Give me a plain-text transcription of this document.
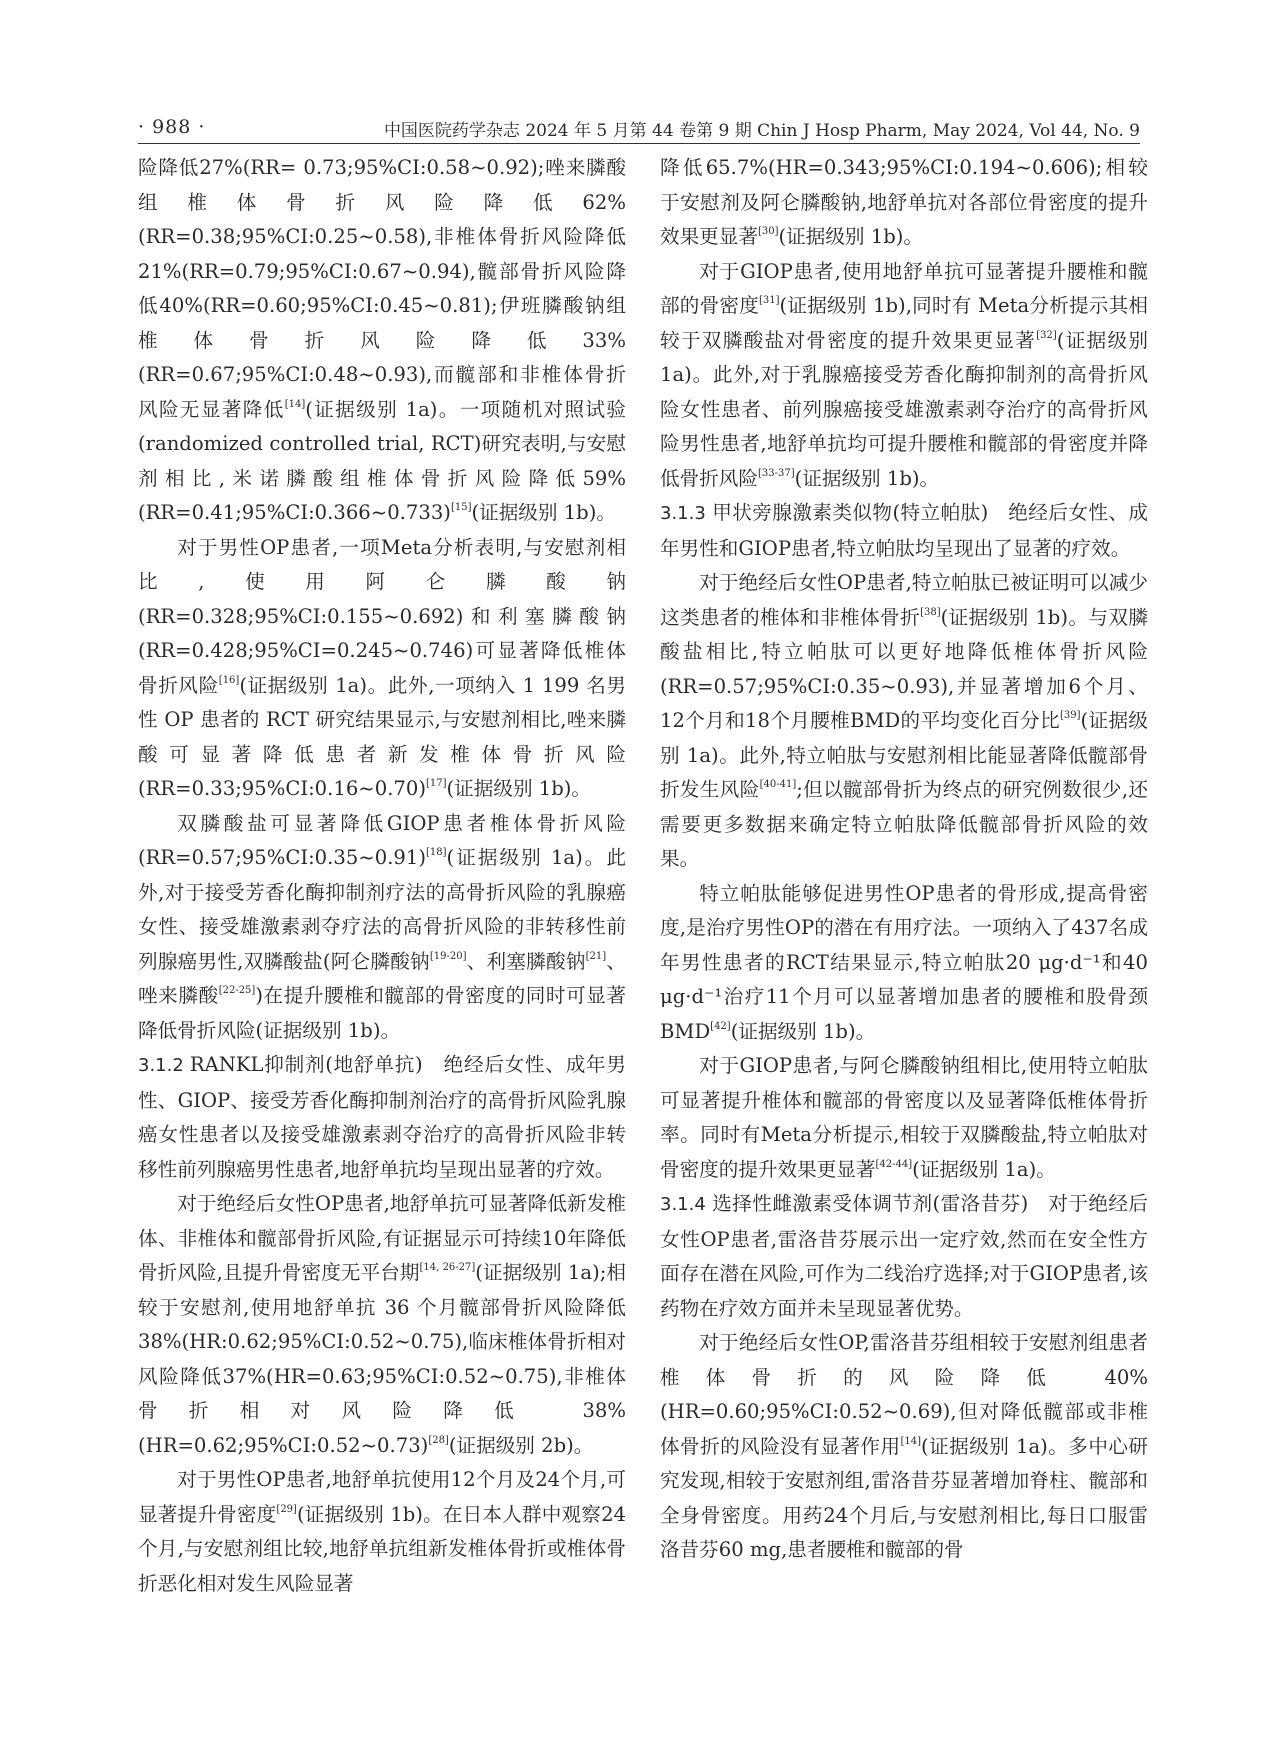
· 988 ·	中国医院药学杂志 2024 年 5 月第 44 卷第 9 期 Chin J Hosp Pharm, May 2024, Vol 44, No. 9

险降低27%(RR= 0.73;95%CI:0.58~0.92);唑来膦酸组椎体骨折风险降低62%(RR=0.38;95%CI:0.25~0.58),非椎体骨折风险降低21%(RR=0.79;95%CI:0.67~0.94),髋部骨折风险降低40%(RR=0.60;95%CI:0.45~0.81);伊班膦酸钠组椎体骨折风险降低33%(RR=0.67;95%CI:0.48~0.93),而髋部和非椎体骨折风险无显著降低[14](证据级别 1a)。一项随机对照试验(randomized controlled trial, RCT)研究表明,与安慰剂相比,米诺膦酸组椎体骨折风险降低59%(RR=0.41;95%CI:0.366~0.733)[15](证据级别 1b)。

对于男性OP患者,一项Meta分析表明,与安慰剂相比,使用阿仑膦酸钠(RR=0.328;95%CI:0.155~0.692)和利塞膦酸钠(RR=0.428;95%CI=0.245~0.746)可显著降低椎体骨折风险[16](证据级别 1a)。此外,一项纳入 1 199 名男性 OP 患者的 RCT 研究结果显示,与安慰剂相比,唑来膦酸可显著降低患者新发椎体骨折风险(RR=0.33;95%CI:0.16~0.70)[17](证据级别 1b)。

双膦酸盐可显著降低GIOP患者椎体骨折风险(RR=0.57;95%CI:0.35~0.91)[18](证据级别 1a)。此外,对于接受芳香化酶抑制剂疗法的高骨折风险的乳腺癌女性、接受雄激素剥夺疗法的高骨折风险的非转移性前列腺癌男性,双膦酸盐(阿仑膦酸钠[19-20]、利塞膦酸钠[21]、唑来膦酸[22-25])在提升腰椎和髋部的骨密度的同时可显著降低骨折风险(证据级别 1b)。

3.1.2 RANKL抑制剂(地舒单抗) 绝经后女性、成年男性、GIOP、接受芳香化酶抑制剂治疗的高骨折风险乳腺癌女性患者以及接受雄激素剥夺治疗的高骨折风险非转移性前列腺癌男性患者,地舒单抗均呈现出显著的疗效。

对于绝经后女性OP患者,地舒单抗可显著降低新发椎体、非椎体和髋部骨折风险,有证据显示可持续10年降低骨折风险,且提升骨密度无平台期[14, 26-27](证据级别 1a);相较于安慰剂,使用地舒单抗 36 个月髋部骨折风险降低 38%(HR:0.62;95%CI:0.52~0.75),临床椎体骨折相对风险降低37%(HR=0.63;95%CI:0.52~0.75),非椎体骨折相对风险降低 38%(HR=0.62;95%CI:0.52~0.73)[28](证据级别 2b)。

对于男性OP患者,地舒单抗使用12个月及24个月,可显著提升骨密度[29](证据级别 1b)。在日本人群中观察24个月,与安慰剂组比较,地舒单抗组新发椎体骨折或椎体骨折恶化相对发生风险显著

降低65.7%(HR=0.343;95%CI:0.194~0.606);相较于安慰剂及阿仑膦酸钠,地舒单抗对各部位骨密度的提升效果更显著[30](证据级别 1b)。

对于GIOP患者,使用地舒单抗可显著提升腰椎和髋部的骨密度[31](证据级别 1b),同时有 Meta分析提示其相较于双膦酸盐对骨密度的提升效果更显著[32](证据级别 1a)。此外,对于乳腺癌接受芳香化酶抑制剂的高骨折风险女性患者、前列腺癌接受雄激素剥夺治疗的高骨折风险男性患者,地舒单抗均可提升腰椎和髋部的骨密度并降低骨折风险[33-37](证据级别 1b)。

3.1.3 甲状旁腺激素类似物(特立帕肽) 绝经后女性、成年男性和GIOP患者,特立帕肽均呈现出了显著的疗效。

对于绝经后女性OP患者,特立帕肽已被证明可以减少这类患者的椎体和非椎体骨折[38](证据级别 1b)。与双膦酸盐相比,特立帕肽可以更好地降低椎体骨折风险(RR=0.57;95%CI:0.35~0.93),并显著增加6个月、12个月和18个月腰椎BMD的平均变化百分比[39](证据级别 1a)。此外,特立帕肽与安慰剂相比能显著降低髋部骨折发生风险[40-41];但以髋部骨折为终点的研究例数很少,还需要更多数据来确定特立帕肽降低髋部骨折风险的效果。

特立帕肽能够促进男性OP患者的骨形成,提高骨密度,是治疗男性OP的潜在有用疗法。一项纳入了437名成年男性患者的RCT结果显示,特立帕肽20 μg·d⁻¹和40 μg·d⁻¹治疗11个月可以显著增加患者的腰椎和股骨颈BMD[42](证据级别 1b)。

对于GIOP患者,与阿仑膦酸钠组相比,使用特立帕肽可显著提升椎体和髋部的骨密度以及显著降低椎体骨折率。同时有Meta分析提示,相较于双膦酸盐,特立帕肽对骨密度的提升效果更显著[42-44](证据级别 1a)。

3.1.4 选择性雌激素受体调节剂(雷洛昔芬) 对于绝经后女性OP患者,雷洛昔芬展示出一定疗效,然而在安全性方面存在潜在风险,可作为二线治疗选择;对于GIOP患者,该药物在疗效方面并未呈现显著优势。

对于绝经后女性OP,雷洛昔芬组相较于安慰剂组患者椎体骨折的风险降低 40%(HR=0.60;95%CI:0.52~0.69),但对降低髋部或非椎体骨折的风险没有显著作用[14](证据级别 1a)。多中心研究发现,相较于安慰剂组,雷洛昔芬显著增加脊柱、髋部和全身骨密度。用药24个月后,与安慰剂相比,每日口服雷洛昔芬60 mg,患者腰椎和髋部的骨
